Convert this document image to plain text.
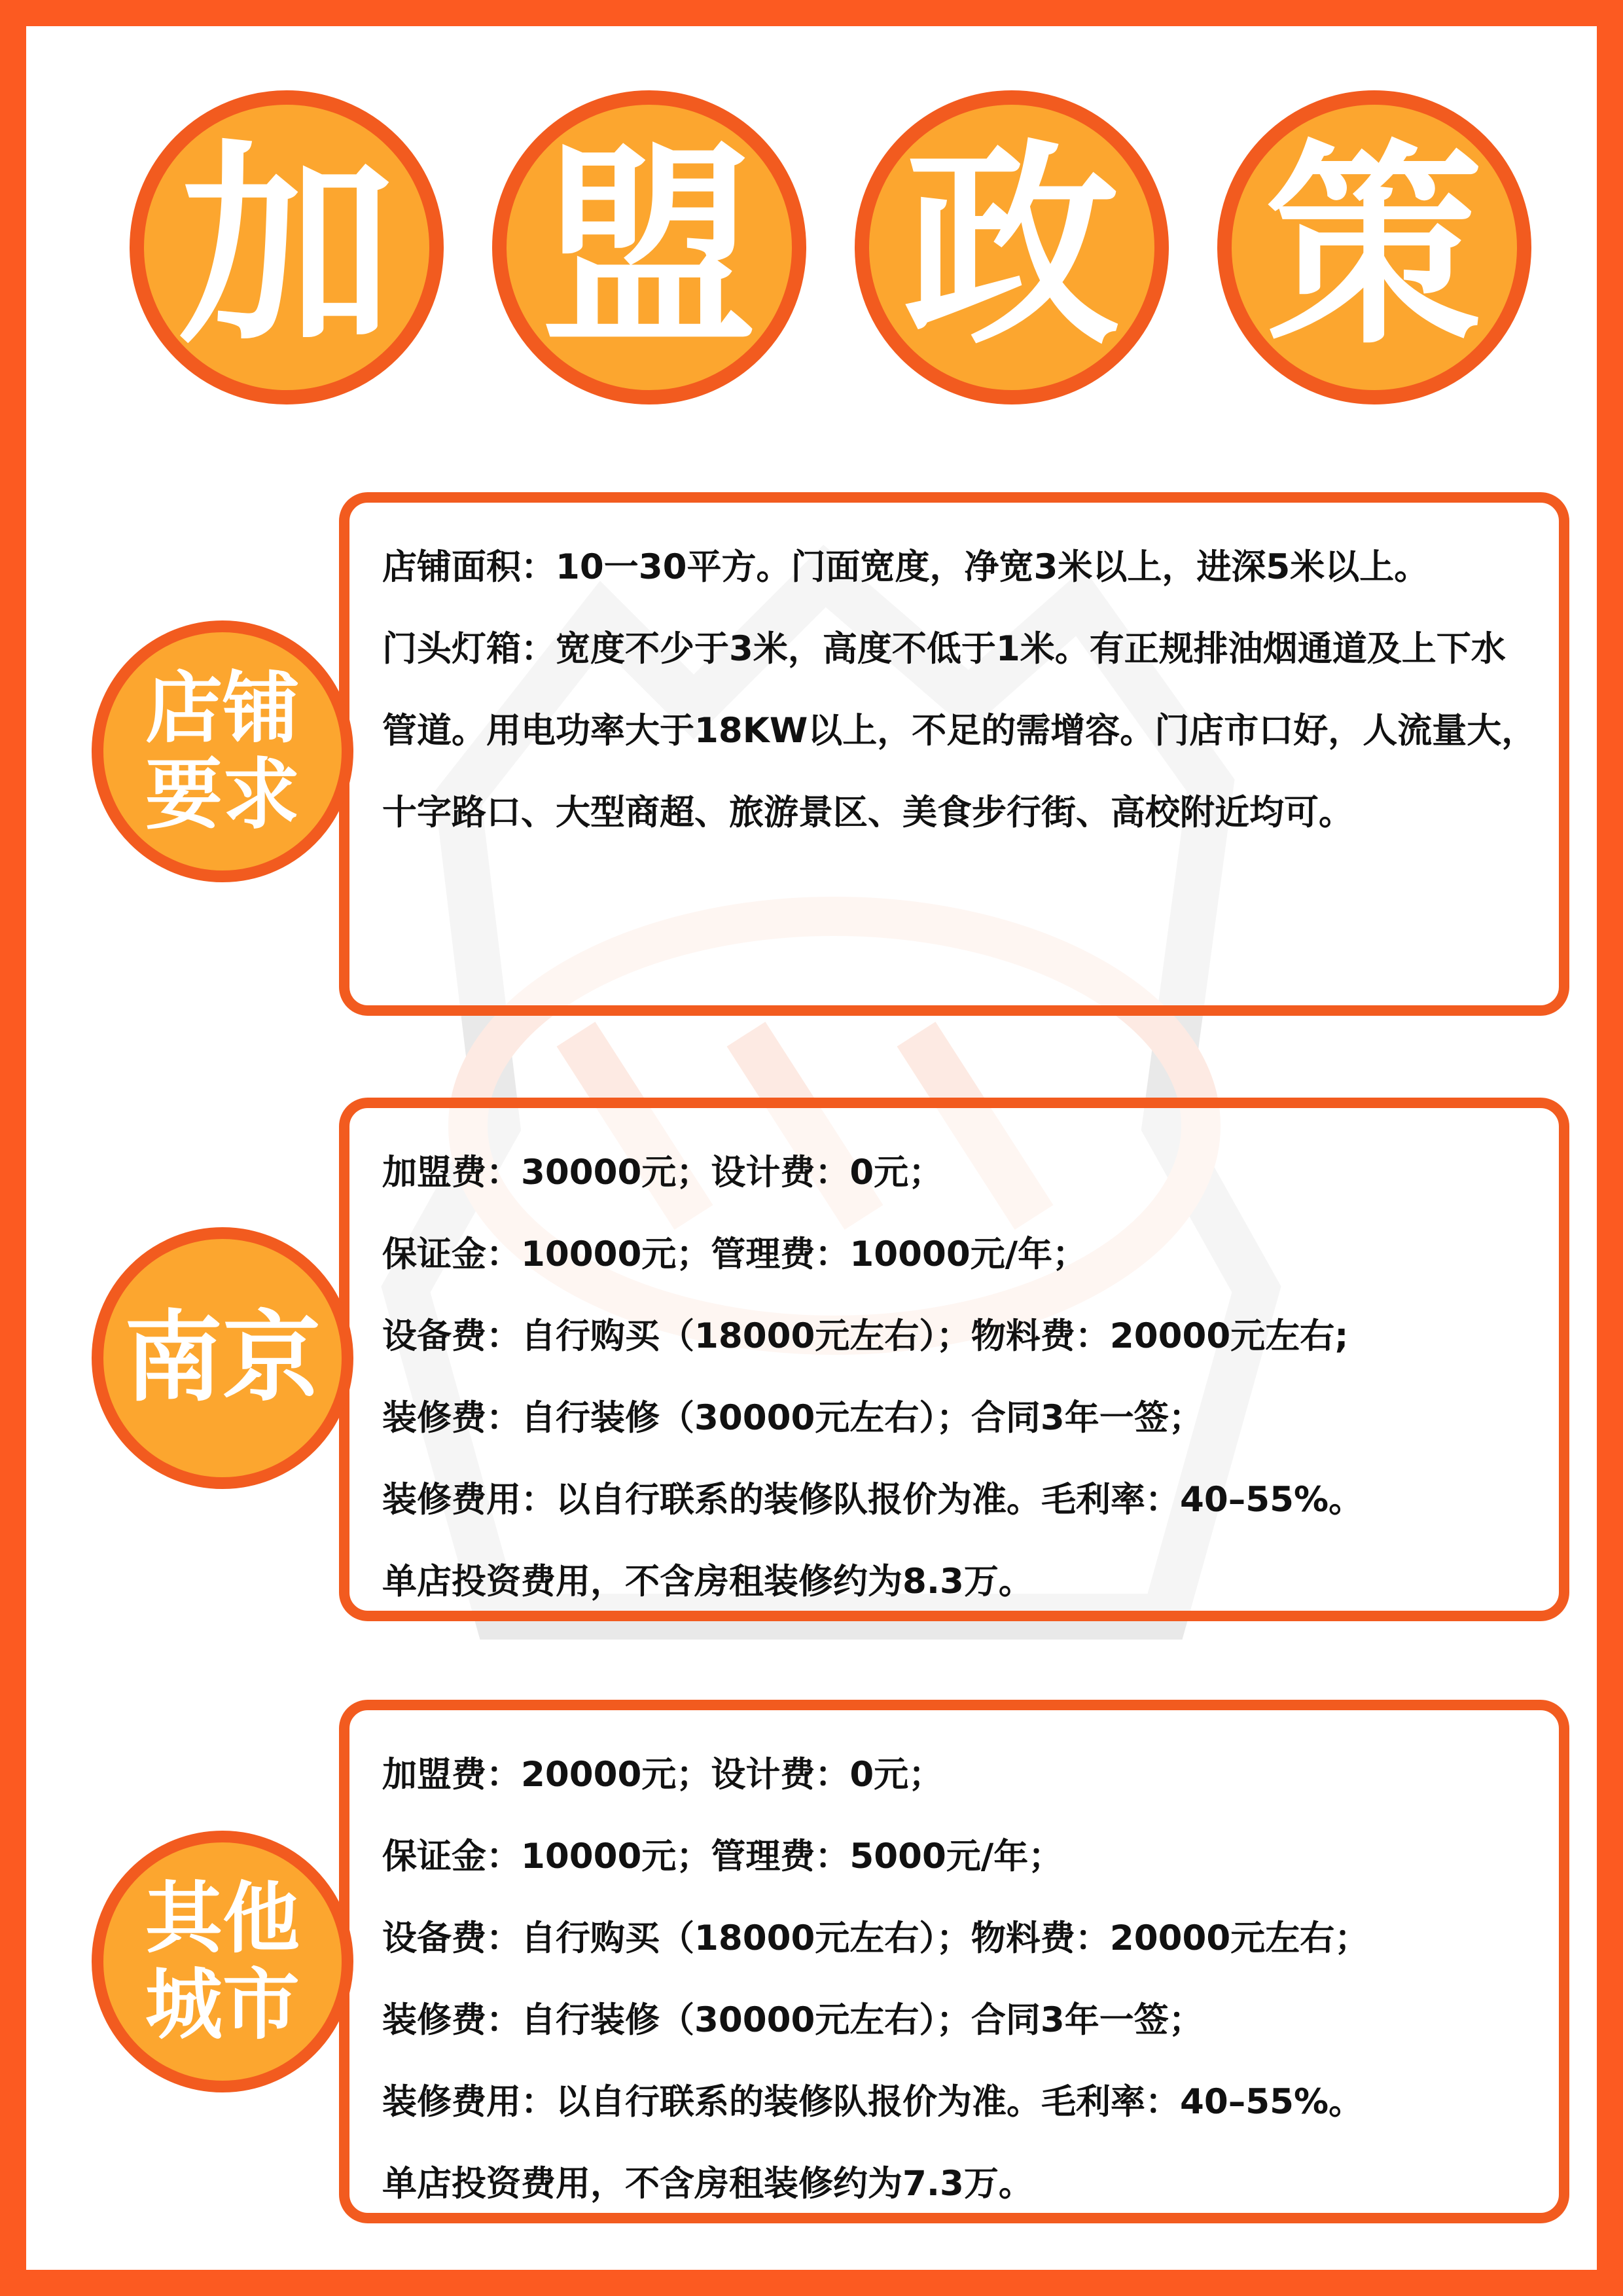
加 盟 政 策
店铺面积：10一30平方。门面宽度，净宽3米以上，进深5米以上。
门头灯箱：宽度不少于3米，高度不低于1米。有正规排油烟通道及上下水管道。用电功率大于18KW以上，不足的需增容。门店市口好，人流量大，十字路口、大型商超、旅游景区、美食步行街、高校附近均可。
店铺
要求
加盟费：30000元；设计费：0元；
保证金：10000元；管理费：10000元/年；
设备费：自行购买（18000元左右）；物料费：20000元左右;
装修费：自行装修（30000元左右）；合同3年一签；
装修费用：以自行联系的装修队报价为准。毛利率：40–55%。
单店投资费用，不含房租装修约为8.3万。
南京
加盟费：20000元；设计费：0元；
保证金：10000元；管理费：5000元/年；
设备费：自行购买（18000元左右）；物料费：20000元左右；
装修费：自行装修（30000元左右）；合同3年一签；
装修费用：以自行联系的装修队报价为准。毛利率：40–55%。
单店投资费用，不含房租装修约为7.3万。
其他
城市
